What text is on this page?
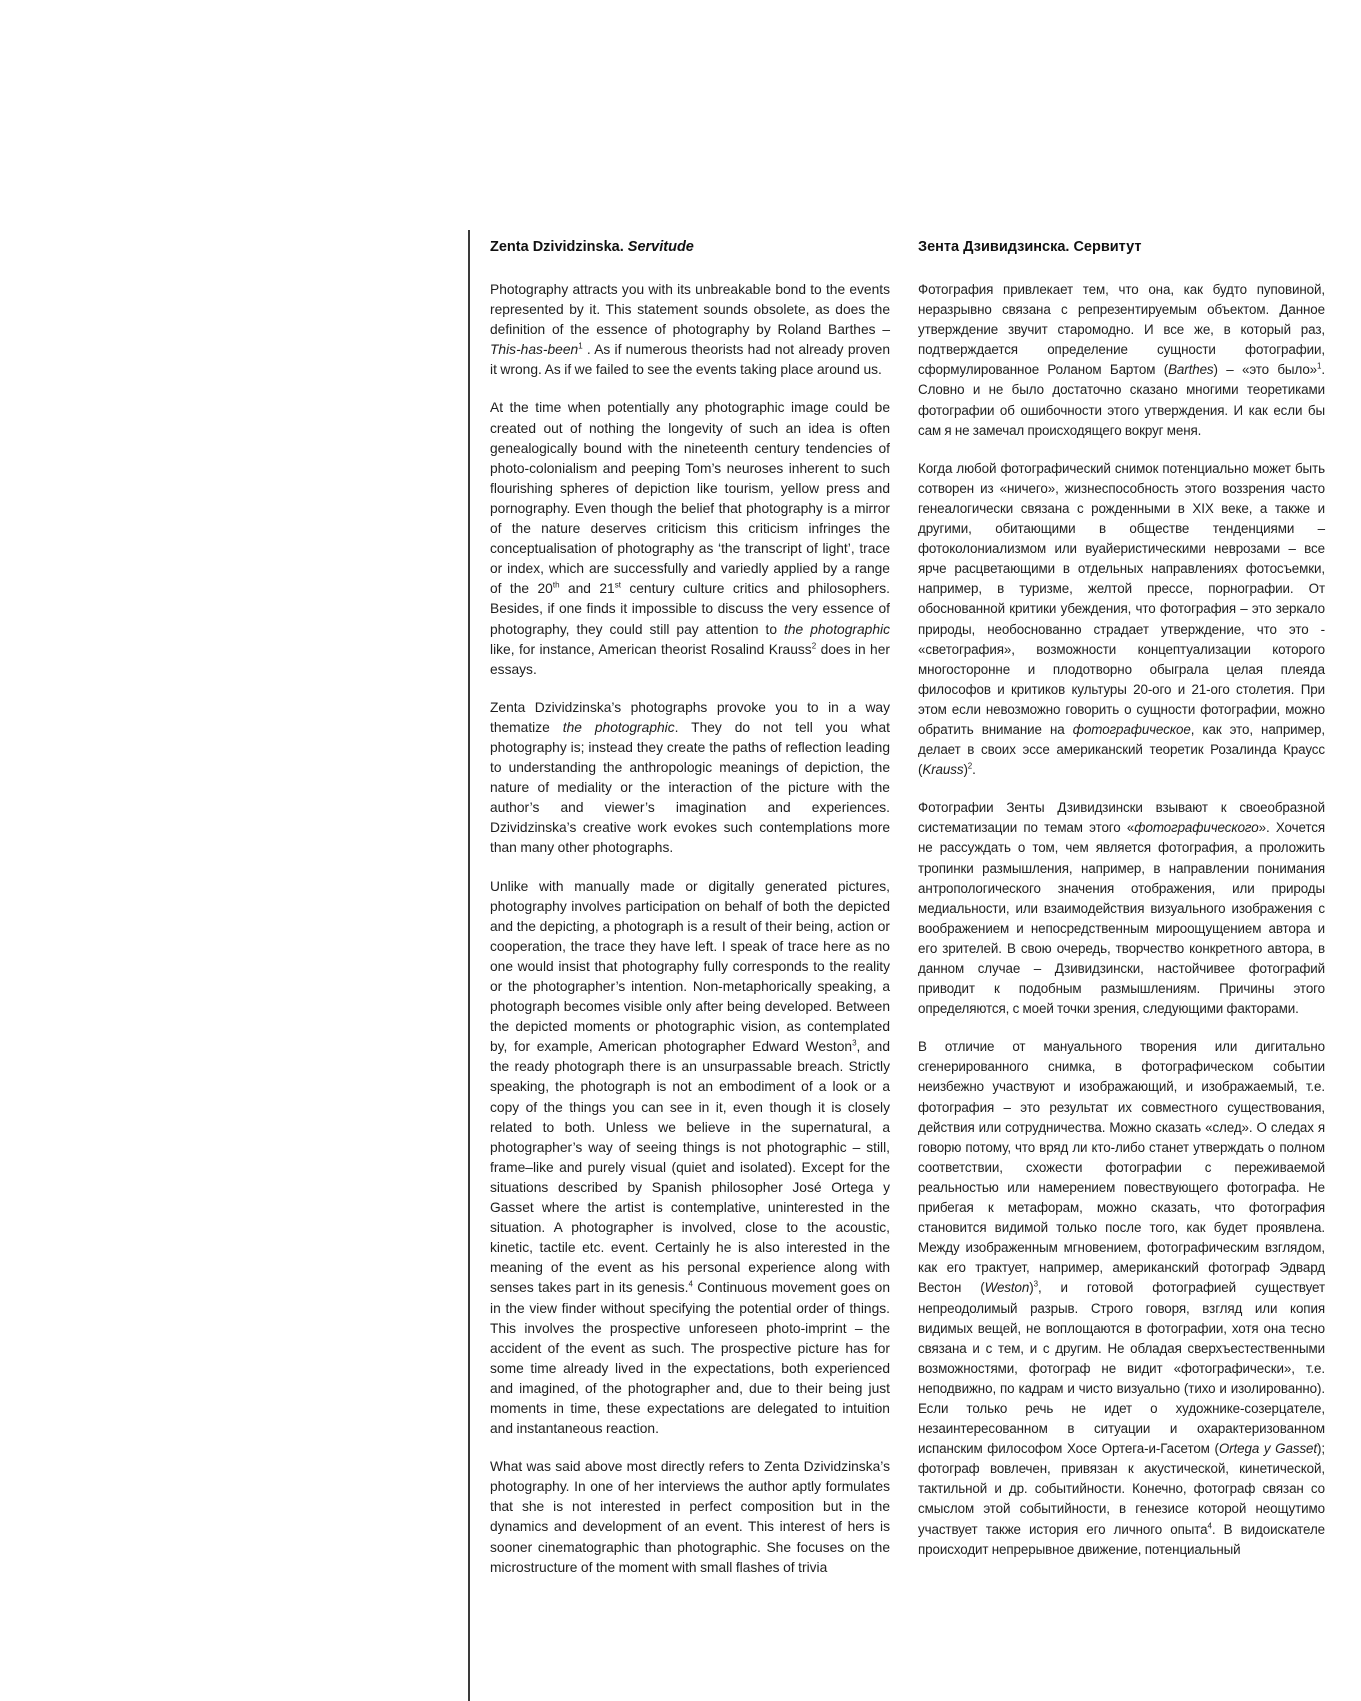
Zenta Dzividzinska. Servitude

Photography attracts you with its unbreakable bond to the events represented by it. This statement sounds obsolete, as does the definition of the essence of photography by Roland Barthes – This-has-been$^1$ . As if numerous theorists had not already proven it wrong. As if we failed to see the events taking place around us.

At the time when potentially any photographic image could be created out of nothing the longevity of such an idea is often genealogically bound with the nineteenth century tendencies of photo-colonialism and peeping Tom’s neuroses inherent to such flourishing spheres of depiction like tourism, yellow press and pornography. Even though the belief that photography is a mirror of the nature deserves criticism this criticism infringes the conceptualisation of photography as ‘the transcript of light’, trace or index, which are successfully and variedly applied by a range of the 20th and 21st century culture critics and philosophers. Besides, if one finds it impossible to discuss the very essence of photography, they could still pay attention to the photographic like, for instance, American theorist Rosalind Krauss$^2$ does in her essays.

Zenta Dzividzinska’s photographs provoke you to in a way thematize the photographic. They do not tell you what photography is; instead they create the paths of reflection leading to understanding the anthropologic meanings of depiction, the nature of mediality or the interaction of the picture with the author’s and viewer’s imagination and experiences. Dzividzinska’s creative work evokes such contemplations more than many other photographs.

Unlike with manually made or digitally generated pictures, photography involves participation on behalf of both the depicted and the depicting, a photograph is a result of their being, action or cooperation, the trace they have left. I speak of trace here as no one would insist that photography fully corresponds to the reality or the photographer’s intention. Non-metaphorically speaking, a photograph becomes visible only after being developed. Between the depicted moments or photographic vision, as contemplated by, for example, American photographer Edward Weston$^3$, and the ready photograph there is an unsurpassable breach. Strictly speaking, the photograph is not an embodiment of a look or a copy of the things you can see in it, even though it is closely related to both. Unless we believe in the supernatural, a photographer’s way of seeing things is not photographic – still, frame–like and purely visual (quiet and isolated). Except for the situations described by Spanish philosopher José Ortega y Gasset where the artist is contemplative, uninterested in the situation. A photographer is involved, close to the acoustic, kinetic, tactile etc. event. Certainly he is also interested in the meaning of the event as his personal experience along with senses takes part in its genesis.$^4$ Continuous movement goes on in the view finder without specifying the potential order of things. This involves the prospective unforeseen photo-imprint – the accident of the event as such. The prospective picture has for some time already lived in the expectations, both experienced and imagined, of the photographer and, due to their being just moments in time, these expectations are delegated to intuition and instantaneous reaction.

What was said above most directly refers to Zenta Dzividzinska’s photography. In one of her interviews the author aptly formulates that she is not interested in perfect composition but in the dynamics and development of an event. This interest of hers is sooner cinematographic than photographic. She focuses on the microstructure of the moment with small flashes of trivia

Зента Дзивидзинска. Сервитут

Фотография привлекает тем, что она, как будто пуповиной, неразрывно связана с репрезентируемым объектом. Данное утверждение звучит старомодно. И все же, в который раз, подтверждается определение сущности фотографии, сформулированное Роланом Бартом (Barthes) – «это было»$^1$. Словно и не было достаточно сказано многими теоретиками фотографии об ошибочности этого утверждения. И как если бы сам я не замечал происходящего вокруг меня.

Когда любой фотографический снимок потенциально может быть сотворен из «ничего», жизнеспособность этого воззрения часто генеалогически связана с рожденными в XIX веке, а также и другими, обитающими в обществе тенденциями – фотоколониализмом или вуайеристическими неврозами – все ярче расцветающими в отдельных направлениях фотосъемки, например, в туризме, желтой прессе, порнографии. От обоснованной критики убеждения, что фотография – это зеркало природы, необоснованно страдает утверждение, что это - «светография», возможности концептуализации которого многосторонне и плодотворно обыграла целая плеяда философов и критиков культуры 20-ого и 21-ого столетия. При этом если невозможно говорить о сущности фотографии, можно обратить внимание на фотографическое, как это, например, делает в своих эссе американский теоретик Розалинда Краусс (Krauss)$^2$.

Фотографии Зенты Дзивидзински взывают к своеобразной систематизации по темам этого «фотографического». Хочется не рассуждать о том, чем является фотография, а проложить тропинки размышления, например, в направлении понимания антропологического значения отображения, или природы медиальности, или взаимодействия визуального изображения с воображением и непосредственным мироощущением автора и его зрителей. В свою очередь, творчество конкретного автора, в данном случае – Дзивидзински, настойчивее фотографий приводит к подобным размышлениям. Причины этого определяются, с моей точки зрения, следующими факторами.

В отличие от мануального творения или дигитально сгенерированного снимка, в фотографическом событии неизбежно участвуют и изображающий, и изображаемый, т.е. фотография – это результат их совместного существования, действия или сотрудничества. Можно сказать «след». О следах я говорю потому, что вряд ли кто-либо станет утверждать о полном соответствии, схожести фотографии с переживаемой реальностью или намерением повествующего фотографа. Не прибегая к метафорам, можно сказать, что фотография становится видимой только после того, как будет проявлена. Между изображенным мгновением, фотографическим взглядом, как его трактует, например, американский фотограф Эдвард Вестон (Weston)$^3$, и готовой фотографией существует непреодолимый разрыв. Строго говоря, взгляд или копия видимых вещей, не воплощаются в фотографии, хотя она тесно связана и с тем, и с другим. Не обладая сверхъестественными возможностями, фотограф не видит «фотографически», т.е. неподвижно, по кадрам и чисто визуально (тихо и изолированно). Если только речь не идет о художнике-созерцателе, незаинтересованном в ситуации и охарактеризованном испанским философом Хосе Ортега-и-Гасетом (Ortega y Gasset); фотограф вовлечен, привязан к акустической, кинетической, тактильной и др. событийности. Конечно, фотограф связан со смыслом этой событийности, в генезисе которой неощутимо участвует также история его личного опыта$^4$. В видоискателе происходит непрерывное движение, потенциальный
